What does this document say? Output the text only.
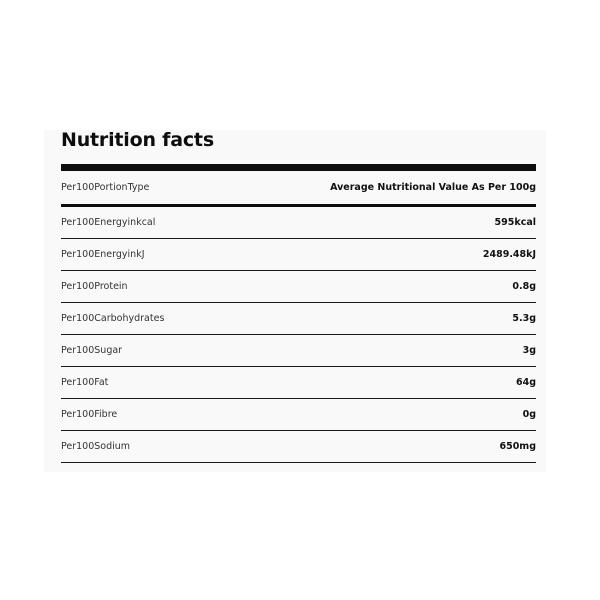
Nutrition facts
Per100PortionType	Average Nutritional Value As Per 100g
Per100Energyinkcal	595kcal
Per100EnergyinkJ	2489.48kJ
Per100Protein	0.8g
Per100Carbohydrates	5.3g
Per100Sugar	3g
Per100Fat	64g
Per100Fibre	0g
Per100Sodium	650mg
